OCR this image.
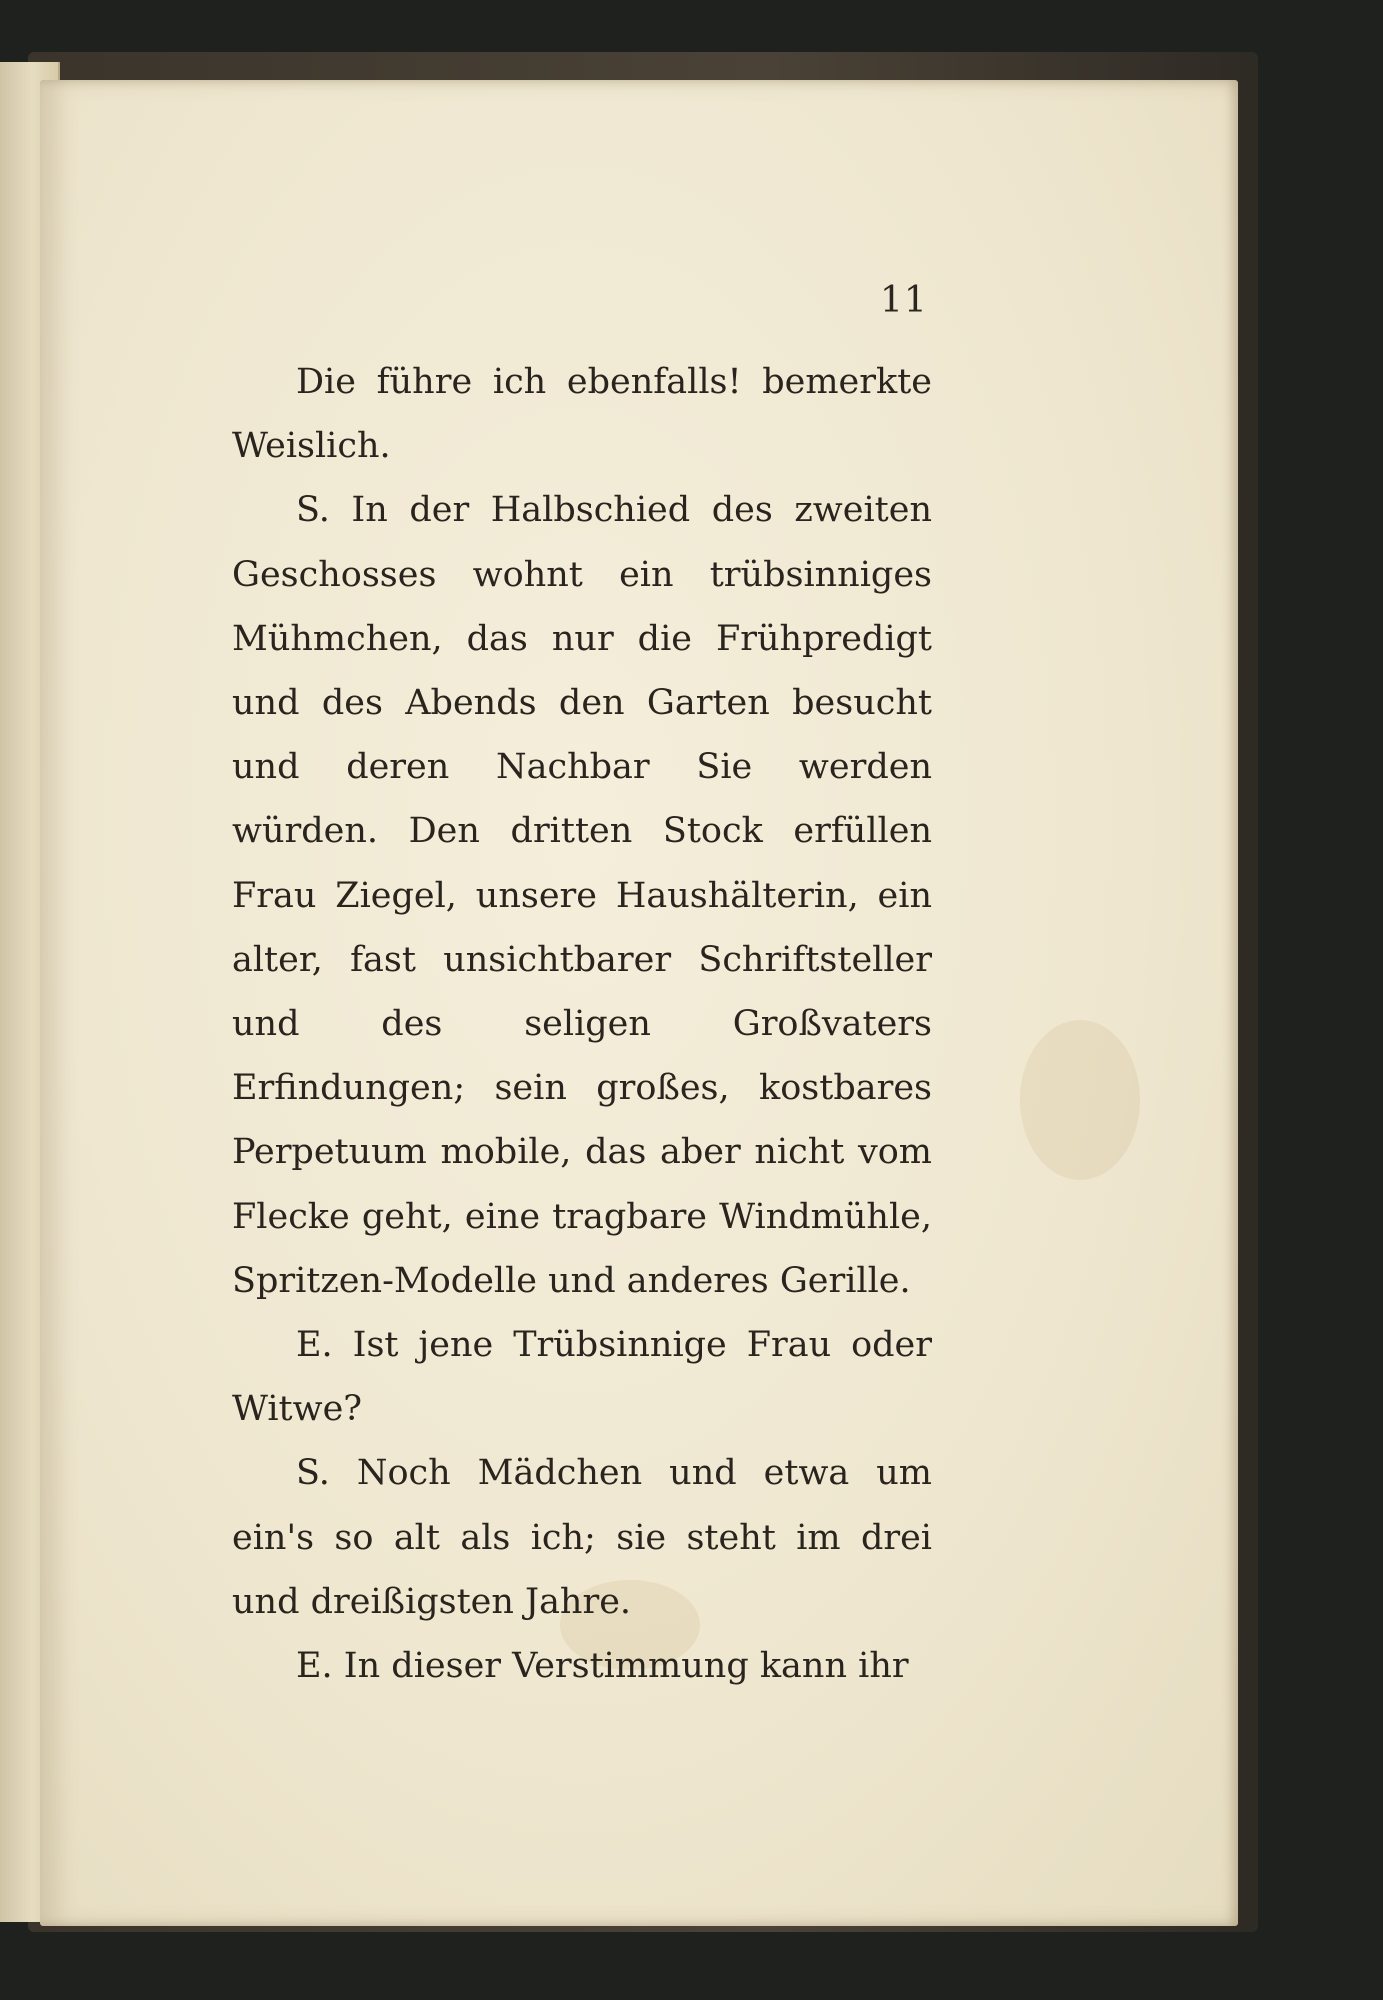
11

Die führe ich ebenfalls! bemerkte Weislich.

S. In der Halbschied des zweiten Geschosses wohnt ein trübsinniges Mühmchen, das nur die Frühpredigt und des Abends den Garten besucht und deren Nachbar Sie werden würden. Den dritten Stock erfüllen Frau Ziegel, unsere Haushälterin, ein alter, fast unsichtbarer Schriftsteller und des seligen Großvaters Erfindungen; sein großes, kostbares Perpetuum mobile, das aber nicht vom Flecke geht, eine tragbare Windmühle, Spritzen-Modelle und anderes Gerille.

E. Ist jene Trübsinnige Frau oder Witwe?

S. Noch Mädchen und etwa um ein's so alt als ich; sie steht im drei und dreißigsten Jahre.

E. In dieser Verstimmung kann ihr
